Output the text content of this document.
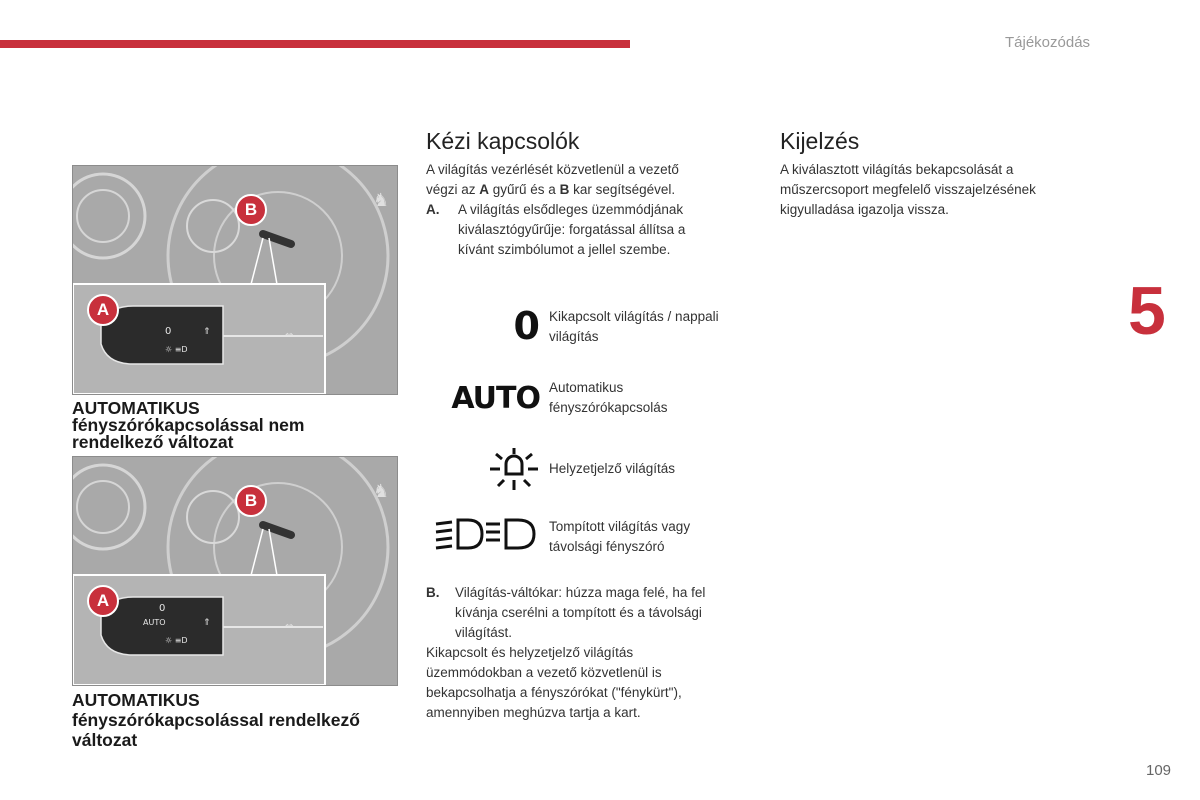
Tájékozódás
5
109
♞
0
☼ ≡D
⇑	⇔
B
A
AUTOMATIKUS fényszórókapcsolással nem rendelkező változat
♞
0
AUTO
☼ ≡D
⇑	⇔
B
A
AUTOMATIKUS fényszórókapcsolással rendelkező változat
Kézi kapcsolók
A világítás vezérlését közvetlenül a vezető
végzi az A gyűrű és a B kar segítségével.
A. A világítás elsődleges üzemmódjának
kiválasztógyűrűje: forgatással állítsa a
kívánt szimbólumot a jellel szembe.
0 Kikapcsolt világítás / nappali
világítás
AUTO Automatikus
fényszórókapcsolás
Helyzetjelző világítás
Tompított világítás vagy
távolsági fényszóró
B. Világítás-váltókar: húzza maga felé, ha fel
kívánja cserélni a tompított és a távolsági
világítást.
Kikapcsolt és helyzetjelző világítás
üzemmódokban a vezető közvetlenül is
bekapcsolhatja a fényszórókat ("fénykürt"),
amennyiben meghúzva tartja a kart.
Kijelzés
A kiválasztott világítás bekapcsolását a
műszercsoport megfelelő visszajelzésének
kigyulladása igazolja vissza.
